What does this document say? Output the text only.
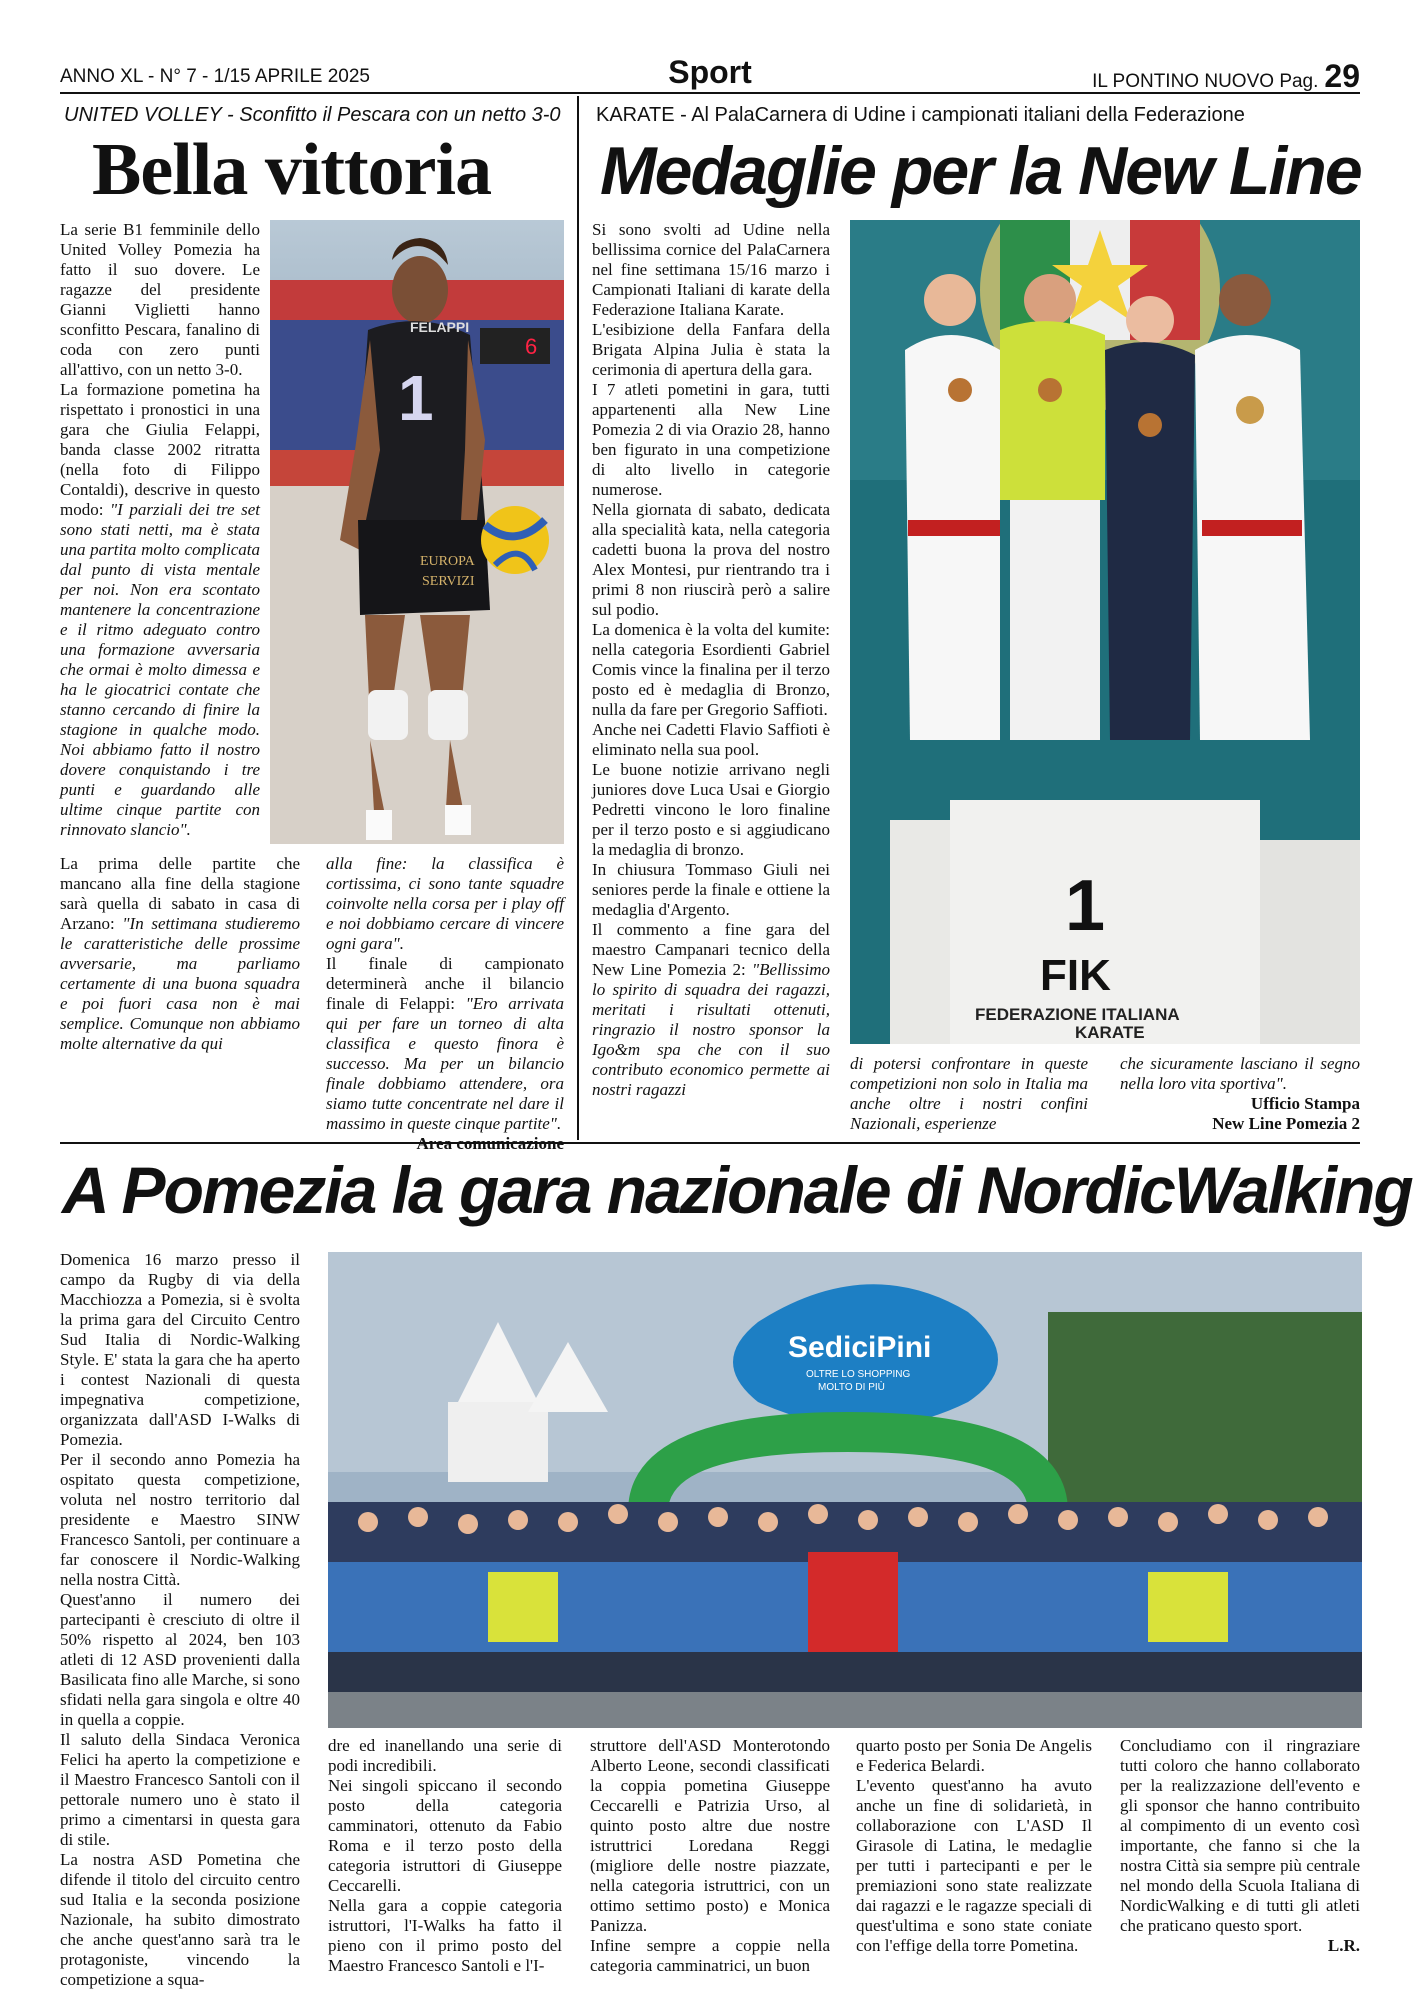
ANNO XL - N° 7 - 1/15 APRILE 2025	Sport	IL PONTINO NUOVO Pag. 29
UNITED VOLLEY - Sconfitto il Pescara con un netto 3-0
Bella vittoria
6
FELAPPI
1
EUROPA
SERVIZI

La serie B1 femminile dello United Volley Pomezia ha fatto il suo dovere. Le ragazze del presidente Gianni Viglietti hanno sconfitto Pescara, fanalino di coda con zero punti all'attivo, con un netto 3-0.

La formazione pometina ha rispettato i pronostici in una gara che Giulia Felappi, banda classe 2002 ritratta (nella foto di Filippo Contaldi), descrive in questo modo: "I parziali dei tre set sono stati netti, ma è stata una partita molto complicata dal punto di vista mentale per noi. Non era scontato mantenere la concentrazione e il ritmo adeguato contro una formazione avversaria che ormai è molto dimessa e ha le giocatrici contate che stanno cercando di finire la stagione in qualche modo. Noi abbiamo fatto il nostro dovere conquistando i tre punti e guardando alle ultime cinque partite con rinnovato slancio".

La prima delle partite che mancano alla fine della stagione sarà quella di sabato in casa di Arzano: "In settimana studieremo le caratteristiche delle prossime avversarie, ma parliamo certamente di una buona squadra e poi fuori casa non è mai semplice. Comunque non abbiamo molte alternative da qui

alla fine: la classifica è cortissima, ci sono tante squadre coinvolte nella corsa per i play off e noi dobbiamo cercare di vincere ogni gara".

Il finale di campionato determinerà anche il bilancio finale di Felappi: "Ero arrivata qui per fare un torneo di alta classifica e questo finora è successo. Ma per un bilancio finale dobbiamo attendere, ora siamo tutte concentrate nel dare il massimo in queste cinque partite".

Area comunicazione

KARATE - Al PalaCarnera di Udine i campionati italiani della Federazione
Medaglie per la New Line

Si sono svolti ad Udine nella bellissima cornice del PalaCarnera nel fine settimana 15/16 marzo i Campionati Italiani di karate della Federazione Italiana Karate.

L'esibizione della Fanfara della Brigata Alpina Julia è stata la cerimonia di apertura della gara.

I 7 atleti pometini in gara, tutti appartenenti alla New Line Pomezia 2 di via Orazio 28, hanno ben figurato in una competizione di alto livello in categorie numerose.

Nella giornata di sabato, dedicata alla specialità kata, nella categoria cadetti buona la prova del nostro Alex Montesi, pur rientrando tra i primi 8 non riuscirà però a salire sul podio.

La domenica è la volta del kumite: nella categoria Esordienti Gabriel Comis vince la finalina per il terzo posto ed è medaglia di Bronzo, nulla da fare per Gregorio Saffioti.

Anche nei Cadetti Flavio Saffioti è eliminato nella sua pool.

Le buone notizie arrivano negli juniores dove Luca Usai e Giorgio Pedretti vincono le loro finaline per il terzo posto e si aggiudicano la medaglia di bronzo.

In chiusura Tommaso Giuli nei seniores perde la finale e ottiene la medaglia d'Argento.

Il commento a fine gara del maestro Campanari tecnico della New Line Pomezia 2: "Bellissimo lo spirito di squadra dei ragazzi, meritati i risultati ottenuti, ringrazio il nostro sponsor la Igo&m spa che con il suo contributo economico permette ai nostri ragazzi

1
FIK
FEDERAZIONE ITALIANA
KARATE

di potersi confrontare in queste competizioni non solo in Italia ma anche oltre i nostri confini Nazionali, esperienze

che sicuramente lasciano il segno nella loro vita sportiva".

Ufficio Stampa

New Line Pomezia 2

A Pomezia la gara nazionale di NordicWalking

Domenica 16 marzo presso il campo da Rugby di via della Macchiozza a Pomezia, si è svolta la prima gara del Circuito Centro Sud Italia di Nordic-Walking Style. E' stata la gara che ha aperto i contest Nazionali di questa impegnativa competizione, organizzata dall'ASD I-Walks di Pomezia.

Per il secondo anno Pomezia ha ospitato questa competizione, voluta nel nostro territorio dal presidente e Maestro SINW Francesco Santoli, per continuare a far conoscere il Nordic-Walking nella nostra Città.

Quest'anno il numero dei partecipanti è cresciuto di oltre il 50% rispetto al 2024, ben 103 atleti di 12 ASD provenienti dalla Basilicata fino alle Marche, si sono sfidati nella gara singola e oltre 40 in quella a coppie.

Il saluto della Sindaca Veronica Felici ha aperto la competizione e il Maestro Francesco Santoli con il pettorale numero uno è stato il primo a cimentarsi in questa gara di stile.

La nostra ASD Pometina che difende il titolo del circuito centro sud Italia e la seconda posizione Nazionale, ha subito dimostrato che anche quest'anno sarà tra le protagoniste, vincendo la competizione a squa-

SediciPini
OLTRE LO SHOPPING
MOLTO DI PIÙ

dre ed inanellando una serie di podi incredibili.

Nei singoli spiccano il secondo posto della categoria camminatori, ottenuto da Fabio Roma e il terzo posto della categoria istruttori di Giuseppe Ceccarelli.

Nella gara a coppie categoria istruttori, l'I-Walks ha fatto il pieno con il primo posto del Maestro Francesco Santoli e l'I-

struttore dell'ASD Monterotondo Alberto Leone, secondi classificati la coppia pometina Giuseppe Ceccarelli e Patrizia Urso, al quinto posto altre due nostre istruttrici Loredana Reggi (migliore delle nostre piazzate, nella categoria istruttrici, con un ottimo settimo posto) e Monica Panizza.

Infine sempre a coppie nella categoria camminatrici, un buon

quarto posto per Sonia De Angelis e Federica Belardi.

L'evento quest'anno ha avuto anche un fine di solidarietà, in collaborazione con L'ASD Il Girasole di Latina, le medaglie per tutti i partecipanti e per le premiazioni sono state realizzate dai ragazzi e le ragazze speciali di quest'ultima e sono state coniate con l'effige della torre Pometina.

Concludiamo con il ringraziare tutti coloro che hanno collaborato per la realizzazione dell'evento e gli sponsor che hanno contribuito al compimento di un evento così importante, che fanno si che la nostra Città sia sempre più centrale nel mondo della Scuola Italiana di NordicWalking e di tutti gli atleti che praticano questo sport.

L.R.
